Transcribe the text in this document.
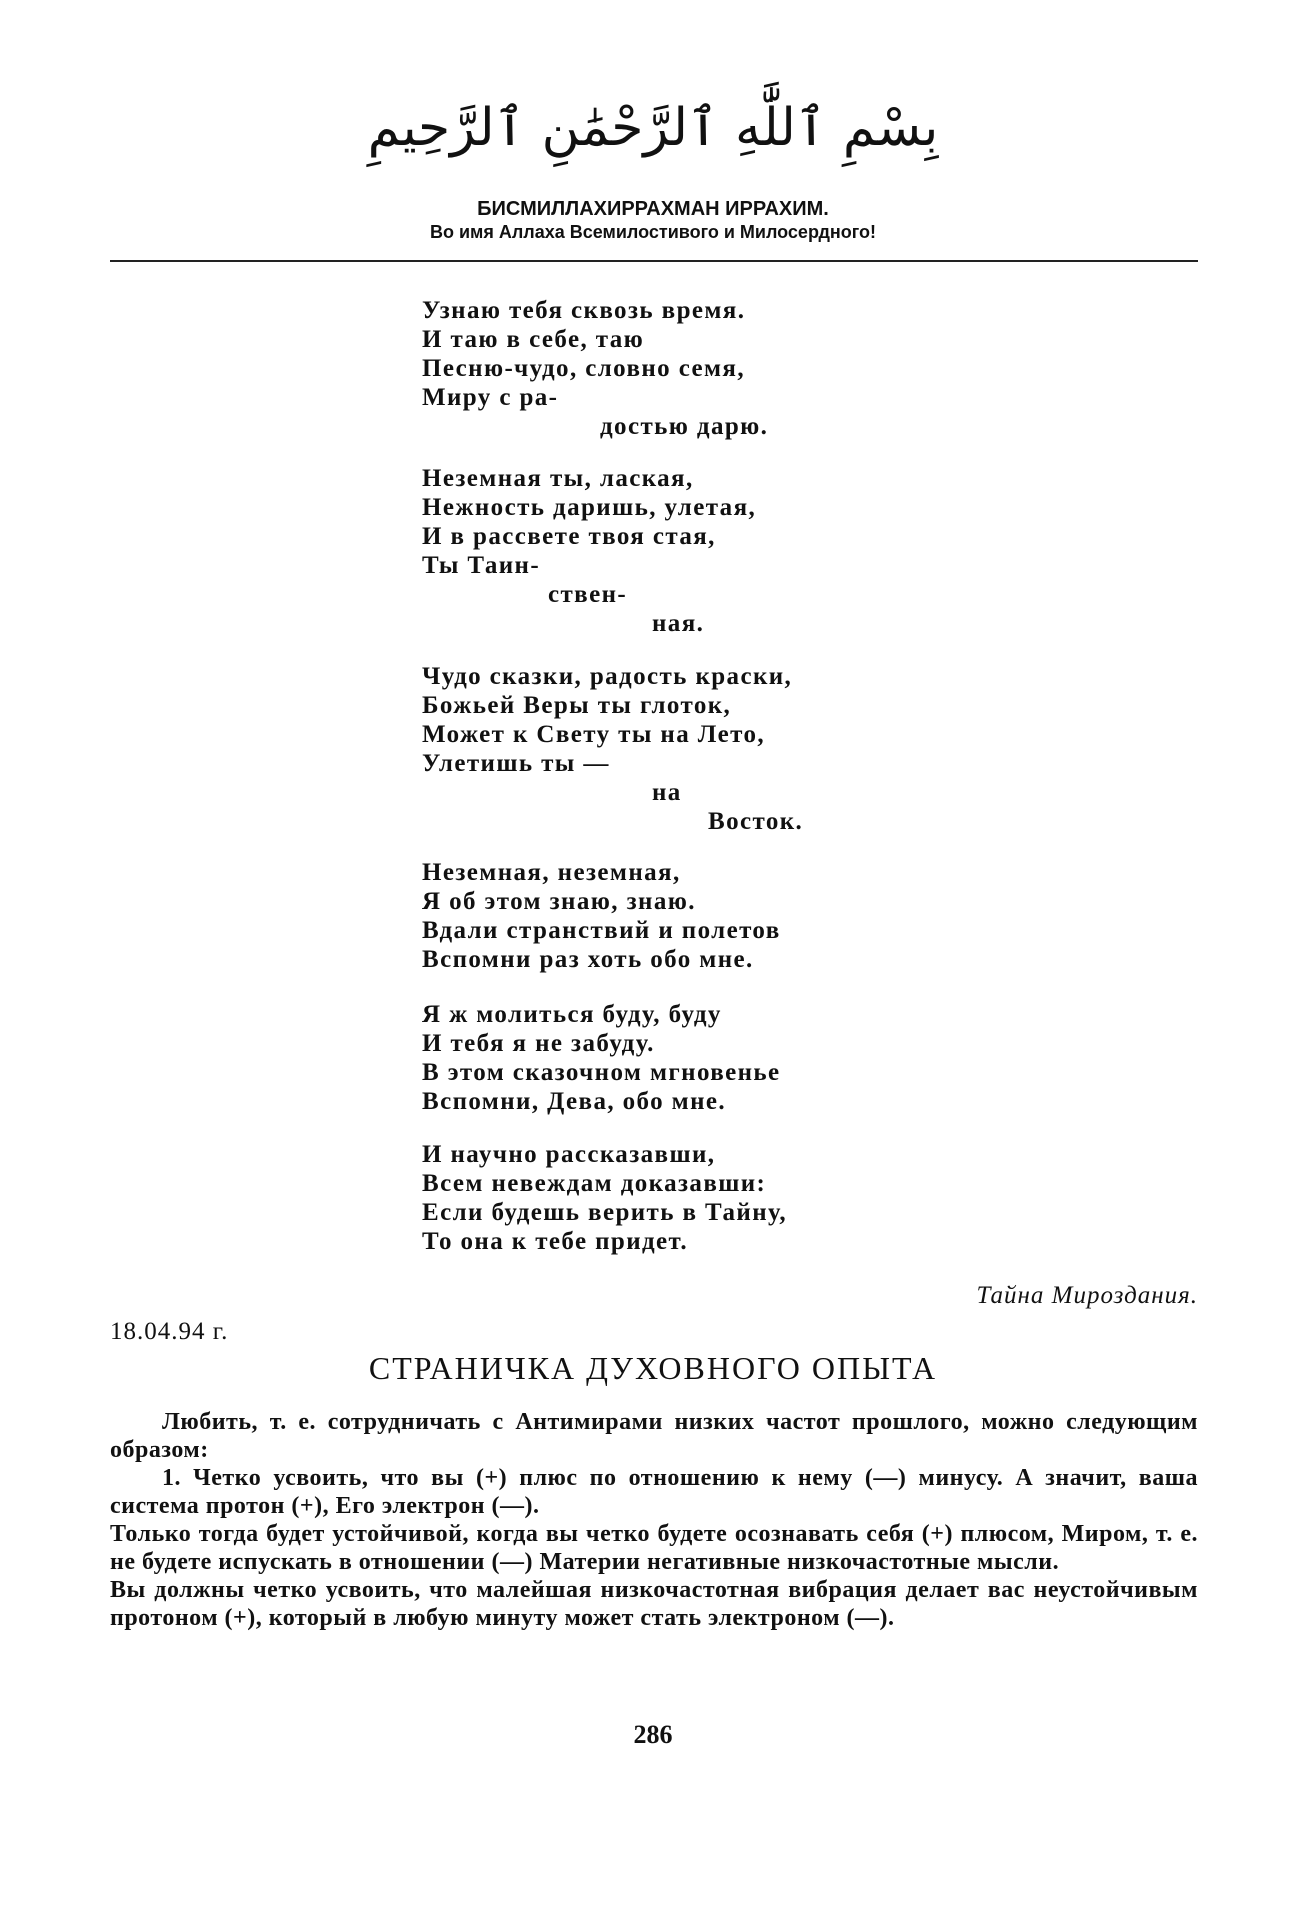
بِسْمِ ٱللَّٰهِ ٱلرَّحْمَٰنِ ٱلرَّحِيمِ
БИСМИЛЛАХИРРАХМАН ИРРАХИМ.
Во имя Аллаха Всемилостивого и Милосердного!
Узнаю тебя сквозь время.
И таю в себе, таю
Песню-чудо, словно семя,
Миру с ра-
достью дарю.
Неземная ты, лаская,
Нежность даришь, улетая,
И в рассвете твоя стая,
Ты Таин-
ствен-
ная.
Чудо сказки, радость краски,
Божьей Веры ты глоток,
Может к Свету ты на Лето,
Улетишь ты —
на
Восток.
Неземная, неземная,
Я об этом знаю, знаю.
Вдали странствий и полетов
Вспомни раз хоть обо мне.
Я ж молиться буду, буду
И тебя я не забуду.
В этом сказочном мгновенье
Вспомни, Дева, обо мне.
И научно рассказавши,
Всем невеждам доказавши:
Если будешь верить в Тайну,
То она к тебе придет.
Тайна Мироздания.
18.04.94 г.
СТРАНИЧКА ДУХОВНОГО ОПЫТА

Любить, т. е. сотрудничать с Антимирами низких частот прошлого, можно следующим образом:

1. Четко усвоить, что вы (+) плюс по отношению к нему (—) минусу. А значит, ваша система протон (+), Его электрон (—).

Только тогда будет устойчивой, когда вы четко будете осознавать себя (+) плюсом, Миром, т. е. не будете испускать в отношении (—) Материи негативные низкочастотные мысли.

Вы должны четко усвоить, что малейшая низкочастотная вибрация делает вас неустойчивым протоном (+), который в любую минуту может стать электроном (—).

286
